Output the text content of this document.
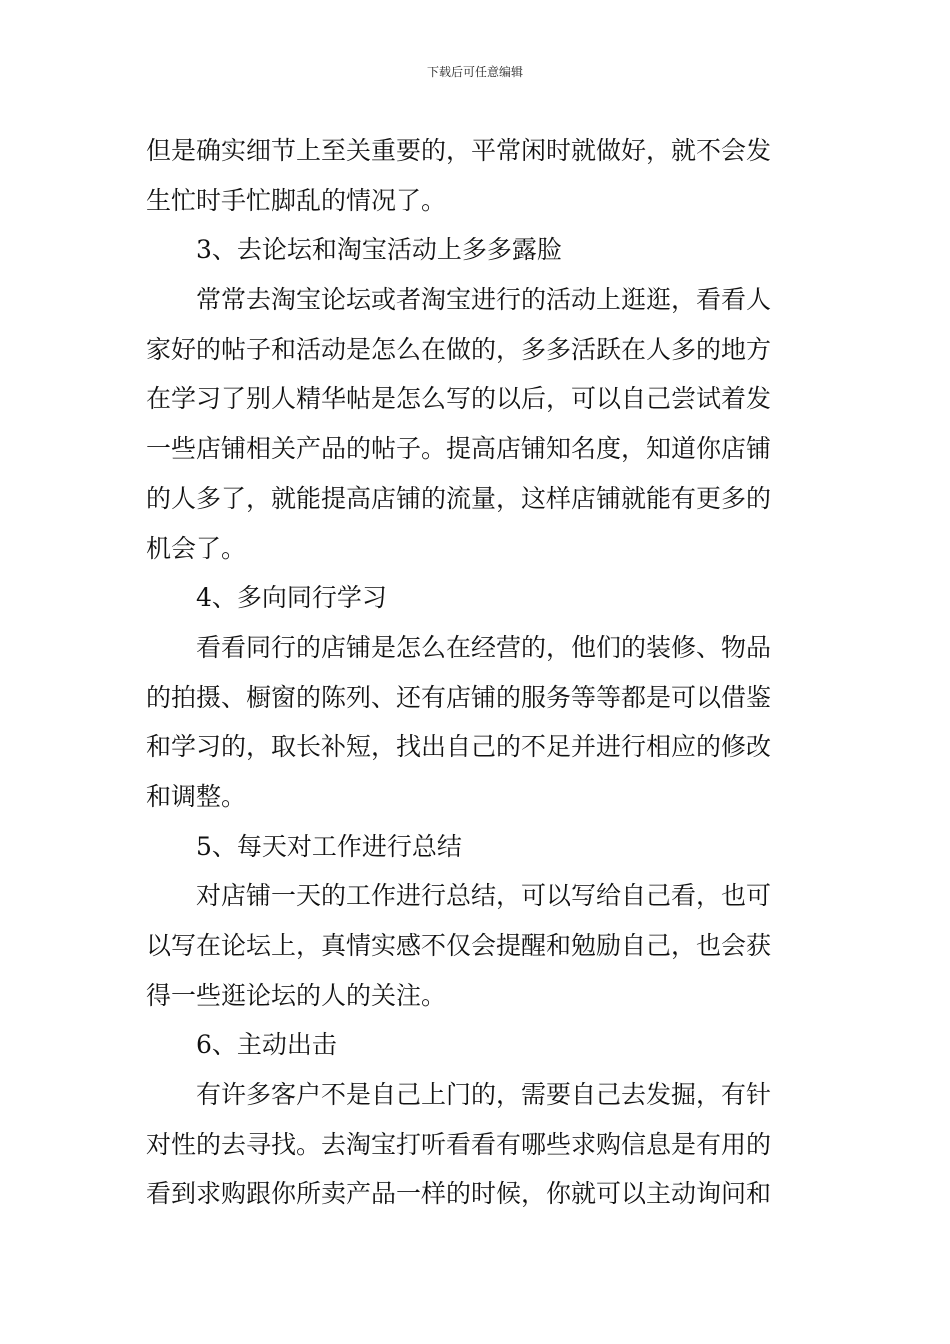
下载后可任意编辑
但是确实细节上至关重要的，平常闲时就做好，就不会发
生忙时手忙脚乱的情况了。
3、去论坛和淘宝活动上多多露脸
常常去淘宝论坛或者淘宝进行的活动上逛逛，看看人
家好的帖子和活动是怎么在做的，多多活跃在人多的地方
在学习了别人精华帖是怎么写的以后，可以自己尝试着发
一些店铺相关产品的帖子。提高店铺知名度，知道你店铺
的人多了，就能提高店铺的流量，这样店铺就能有更多的
机会了。
4、多向同行学习
看看同行的店铺是怎么在经营的，他们的装修、物品
的拍摄、橱窗的陈列、还有店铺的服务等等都是可以借鉴
和学习的，取长补短，找出自己的不足并进行相应的修改
和调整。
5、每天对工作进行总结
对店铺一天的工作进行总结，可以写给自己看，也可
以写在论坛上，真情实感不仅会提醒和勉励自己，也会获
得一些逛论坛的人的关注。
6、主动出击
有许多客户不是自己上门的，需要自己去发掘，有针
对性的去寻找。去淘宝打听看看有哪些求购信息是有用的
看到求购跟你所卖产品一样的时候，你就可以主动询问和
